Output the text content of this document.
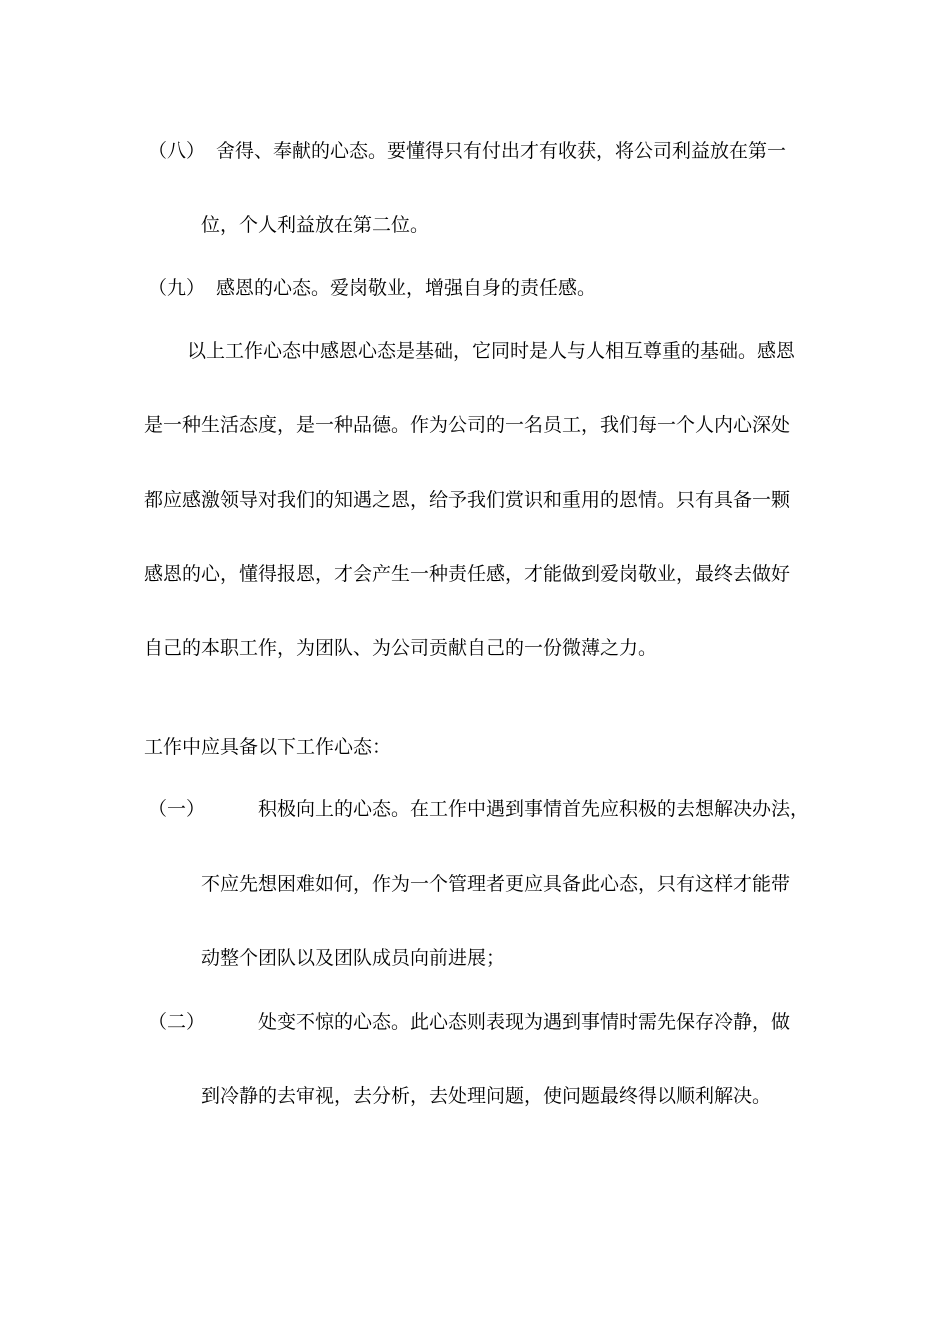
（八） 舍得、奉献的心态。要懂得只有付出才有收获，将公司利益放在第一
位，个人利益放在第二位。
（九） 感恩的心态。爱岗敬业，增强自身的责任感。
以上工作心态中感恩心态是基础，它同时是人与人相互尊重的基础。感恩
是一种生活态度，是一种品德。作为公司的一名员工，我们每一个人内心深处
都应感激领导对我们的知遇之恩，给予我们赏识和重用的恩情。只有具备一颗
感恩的心，懂得报恩，才会产生一种责任感，才能做到爱岗敬业，最终去做好
自己的本职工作，为团队、为公司贡献自己的一份微薄之力。
工作中应具备以下工作心态：
（一）	积极向上的心态。在工作中遇到事情首先应积极的去想解决办法，
不应先想困难如何，作为一个管理者更应具备此心态，只有这样才能带
动整个团队以及团队成员向前进展；
（二）	处变不惊的心态。此心态则表现为遇到事情时需先保存冷静，做
到冷静的去审视，去分析，去处理问题，使问题最终得以顺利解决。
